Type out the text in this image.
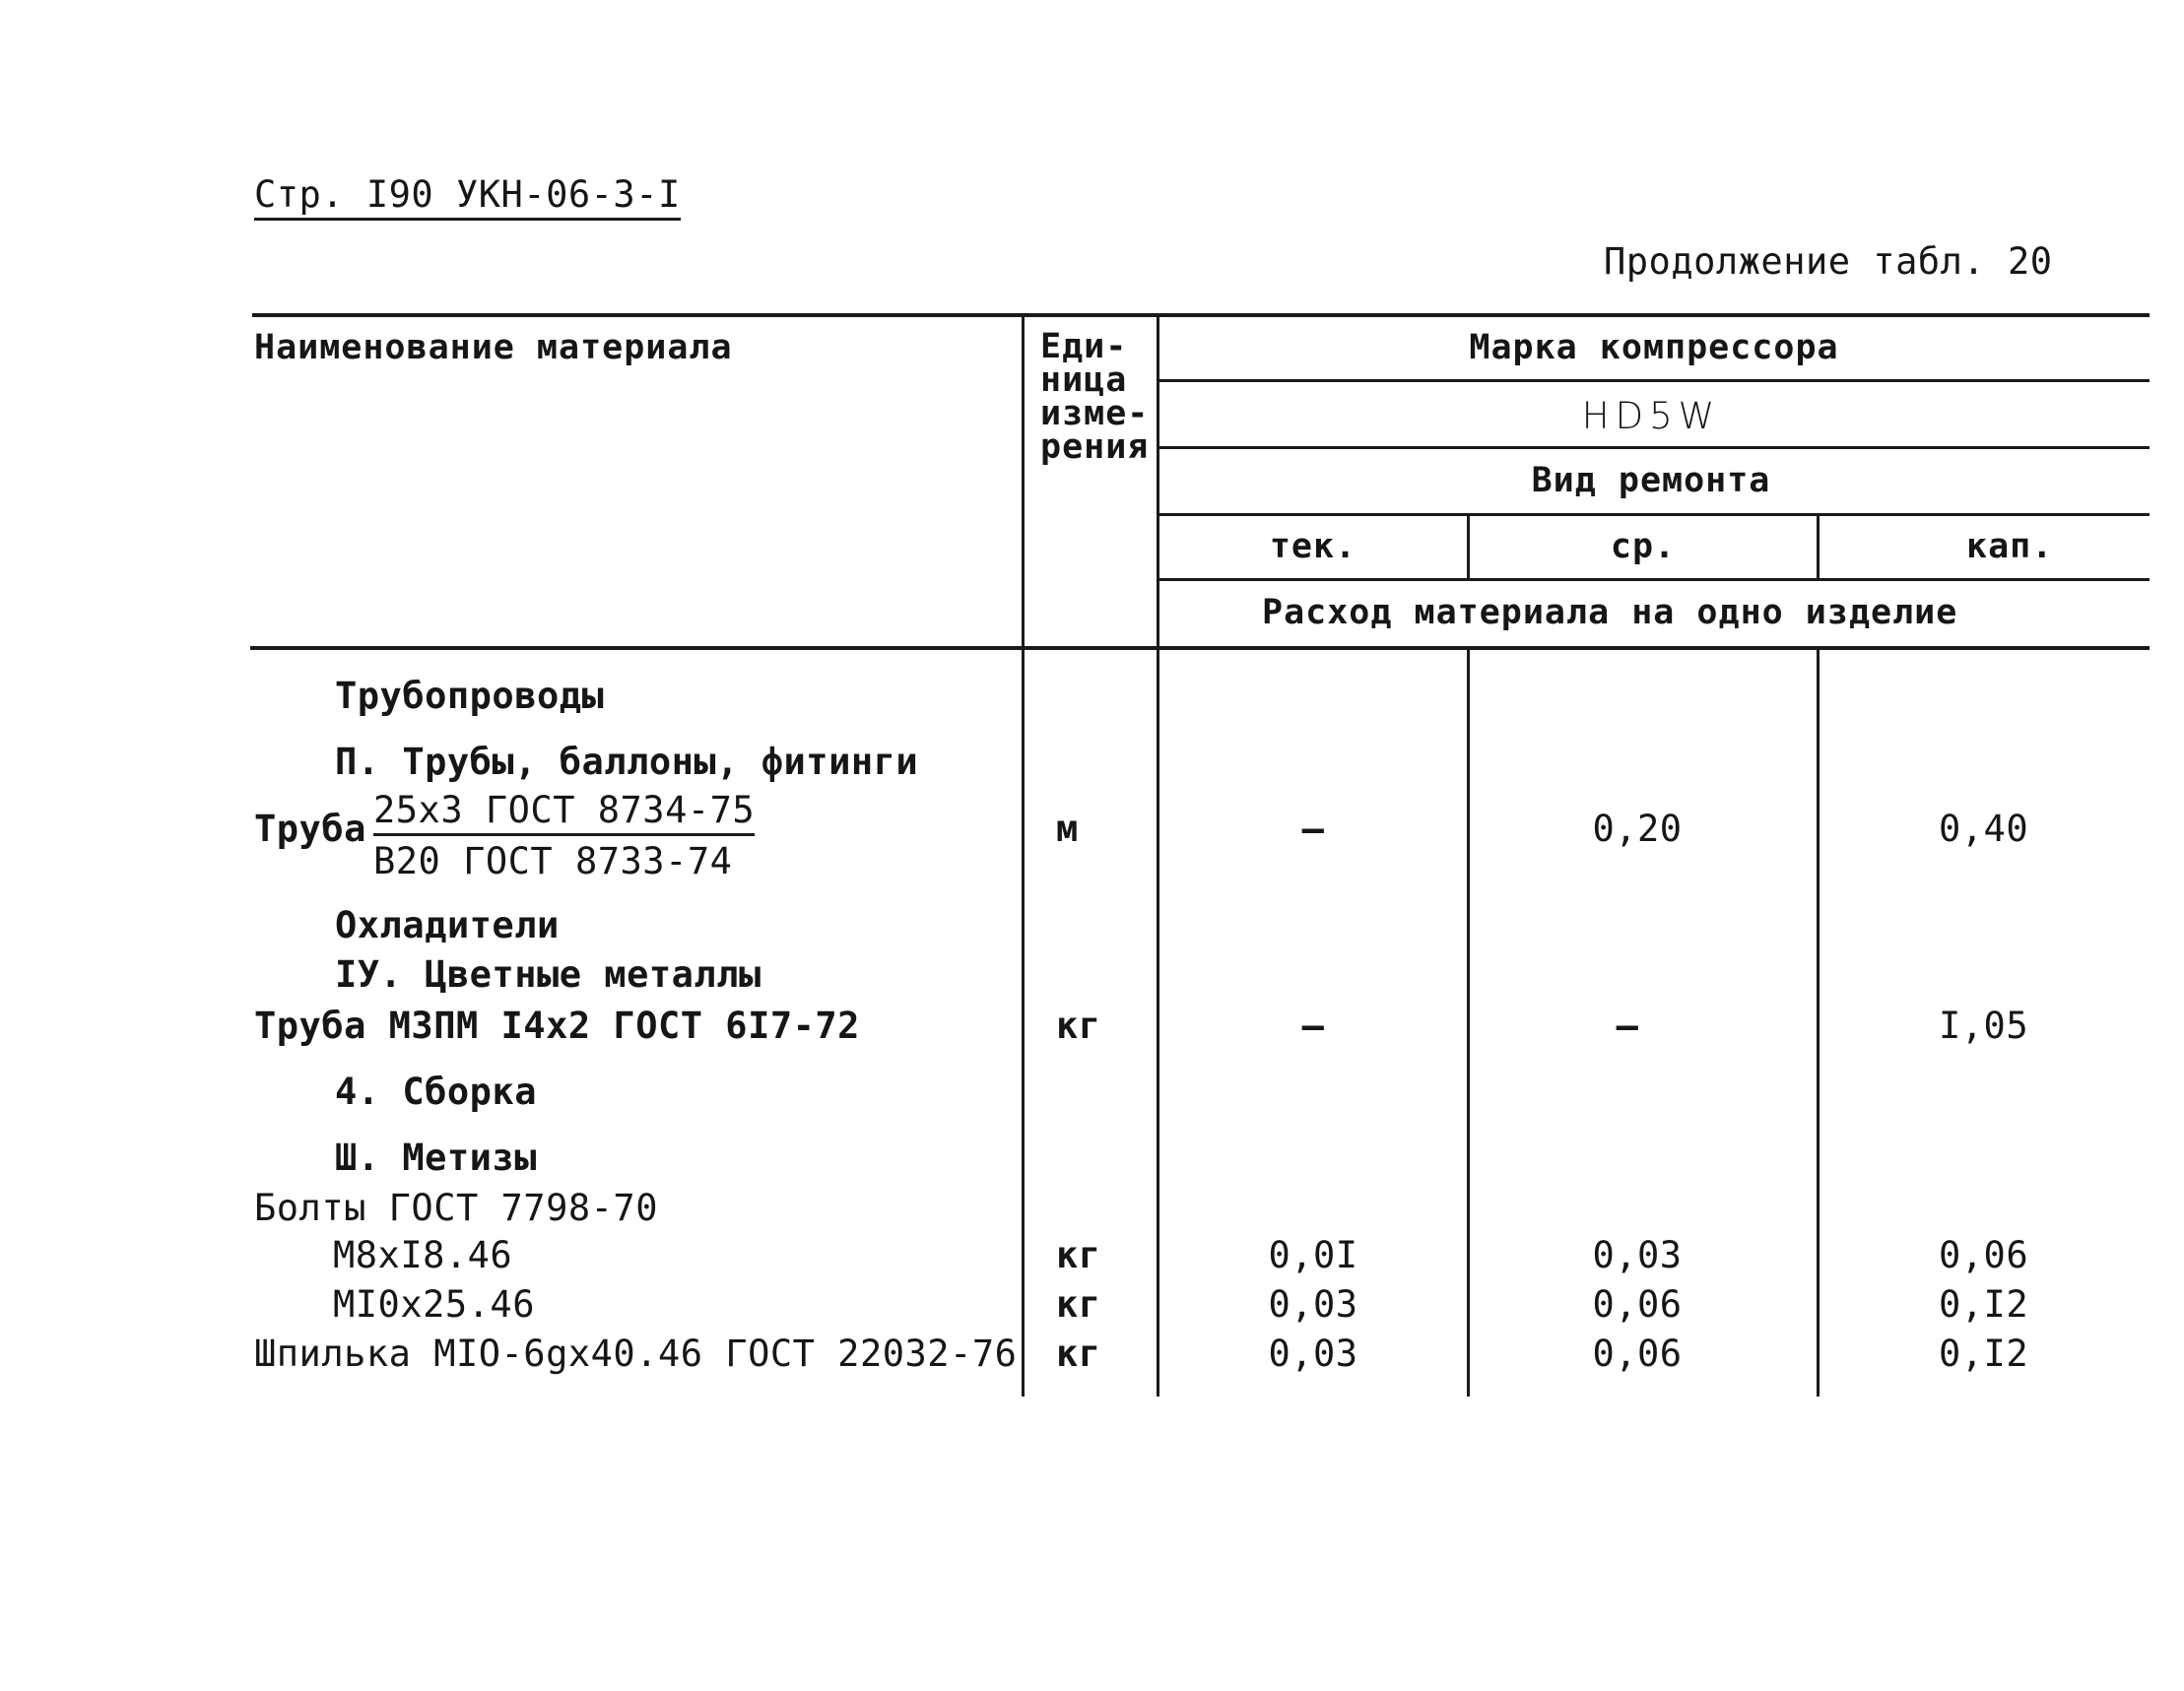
Стр. I90 УКН-06-3-I
Продолжение табл. 20
Наименование материала	Еди-
ница
изме-
рения
Марка компрессора
HD5W
Вид ремонта
тек.	ср.	кап.
Расход материала на одно изделие
Трубопроводы
П. Трубы, баллоны, фитинги
Труба 25x3 ГОСТ 8734-75
В20 ГОСТ 8733-74
м	–	0,20	0,40
Охладители
IУ. Цветные металлы
Труба МЗПМ I4x2 ГОСТ 6I7-72	кг	–	–	I,05
4. Сборка
Ш. Метизы
Болты ГОСТ 7798-70
М8xI8.46	кг	0,0I	0,03	0,06
МI0x25.46	кг	0,03	0,06	0,I2
Шпилька МIО-6gx40.46 ГОСТ 22032-76 кг	0,03	0,06	0,I2
